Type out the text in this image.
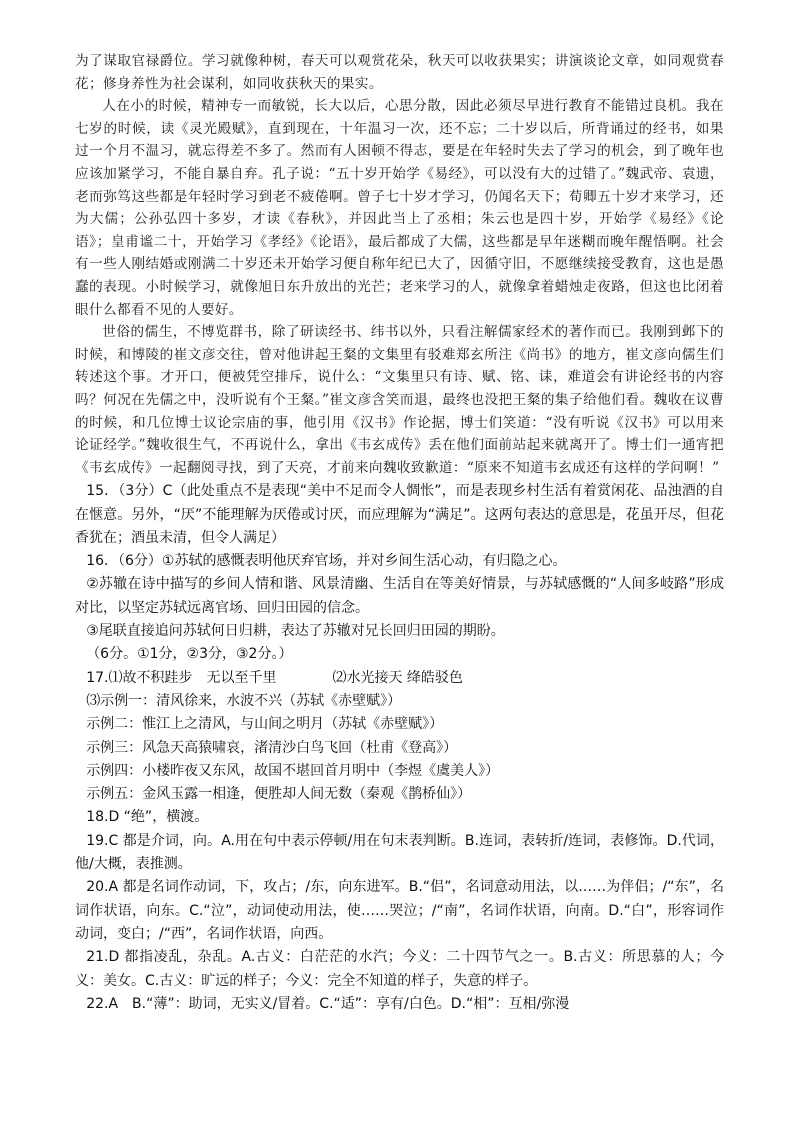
为了谋取官禄爵位。学习就像种树，春天可以观赏花朵，秋天可以收获果实；讲演谈论文章，如同观赏春花；修身养性为社会谋利，如同收获秋天的果实。

人在小的时候，精神专一而敏锐，长大以后，心思分散，因此必须尽早进行教育不能错过良机。我在七岁的时候，读《灵光殿赋》，直到现在，十年温习一次，还不忘；二十岁以后，所背诵过的经书，如果过一个月不温习，就忘得差不多了。然而有人困顿不得志，要是在年轻时失去了学习的机会，到了晚年也应该加紧学习，不能自暴自弃。孔子说：“五十岁开始学《易经》，可以没有大的过错了。”魏武帝、袁遗，老而弥笃这些都是年轻时学习到老不疲倦啊。曾子七十岁才学习，仍闻名天下；荀卿五十岁才来学习，还为大儒；公孙弘四十多岁，才读《春秋》，并因此当上了丞相；朱云也是四十岁，开始学《易经》《论语》；皇甫谧二十，开始学习《孝经》《论语》，最后都成了大儒，这些都是早年迷糊而晚年醒悟啊。社会有一些人刚结婚或刚满二十岁还未开始学习便自称年纪已大了，因循守旧，不愿继续接受教育，这也是愚蠢的表现。小时候学习，就像旭日东升放出的光芒；老来学习的人，就像拿着蜡烛走夜路，但这也比闭着眼什么都看不见的人要好。

世俗的儒生，不博览群书，除了研读经书、纬书以外，只看注解儒家经术的著作而已。我刚到邺下的时候，和博陵的崔文彦交往，曾对他讲起王粲的文集里有驳难郑玄所注《尚书》的地方，崔文彦向儒生们转述这个事。才开口，便被凭空排斥，说什么：“文集里只有诗、赋、铭、诔，难道会有讲论经书的内容吗？何况在先儒之中，没听说有个王粲。”崔文彦含笑而退，最终也没把王粲的集子给他们看。魏收在议曹的时候，和几位博士议论宗庙的事，他引用《汉书》作论据，博士们笑道：“没有听说《汉书》可以用来论证经学。”魏收很生气，不再说什么，拿出《韦玄成传》丢在他们面前站起来就离开了。博士们一通宵把《韦玄成传》一起翻阅寻找，到了天亮，才前来向魏收致歉道：“原来不知道韦玄成还有这样的学问啊！”

15．（3分）C（此处重点不是表现“美中不足而令人惆怅”，而是表现乡村生活有着赏闲花、品浊酒的自在惬意。另外，“厌”不能理解为厌倦或讨厌，而应理解为“满足”。这两句表达的意思是，花虽开尽，但花香犹在；酒虽未清，但令人满足）

16．（6分）①苏轼的感慨表明他厌弃官场，并对乡间生活心动，有归隐之心。

②苏辙在诗中描写的乡间人情和谐、风景清幽、生活自在等美好情景，与苏轼感慨的“人间多岐路”形成对比，以坚定苏轼远离官场、回归田园的信念。

③尾联直接追问苏轼何日归耕，表达了苏辙对兄长回归田园的期盼。

（6分。①1分，②3分，③2分。）

17.⑴故不积跬步　无以至千里　　　　⑵水光接天 绛皓驳色

⑶示例一：清风徐来，水波不兴（苏轼《赤壁赋》）

示例二：惟江上之清风，与山间之明月（苏轼《赤壁赋》）

示例三：风急天高猿啸哀，渚清沙白鸟飞回（杜甫《登高》）

示例四：小楼昨夜又东风，故国不堪回首月明中（李煜《虞美人》）

示例五：金风玉露一相逢，便胜却人间无数（秦观《鹊桥仙》）

18.D “绝”，横渡。

19.C 都是介词，向。A.用在句中表示停顿/用在句末表判断。B.连词，表转折/连词，表修饰。D.代词，他/大概，表推测。

20.A 都是名词作动词，下，攻占；/东，向东进军。B.“侣”，名词意动用法，以……为伴侣；/“东”，名词作状语，向东。C.“泣”，动词使动用法，使……哭泣；/“南”，名词作状语，向南。D.“白”，形容词作动词，变白；/“西”，名词作状语，向西。

21.D 都指凌乱，杂乱。A.古义：白茫茫的水汽；今义：二十四节气之一。B.古义：所思慕的人；今义：美女。C.古义：旷远的样子；今义：完全不知道的样子，失意的样子。

22.A　B.“薄”：助词，无实义/冒着。C.“适”：享有/白色。D.“相”：互相/弥漫
